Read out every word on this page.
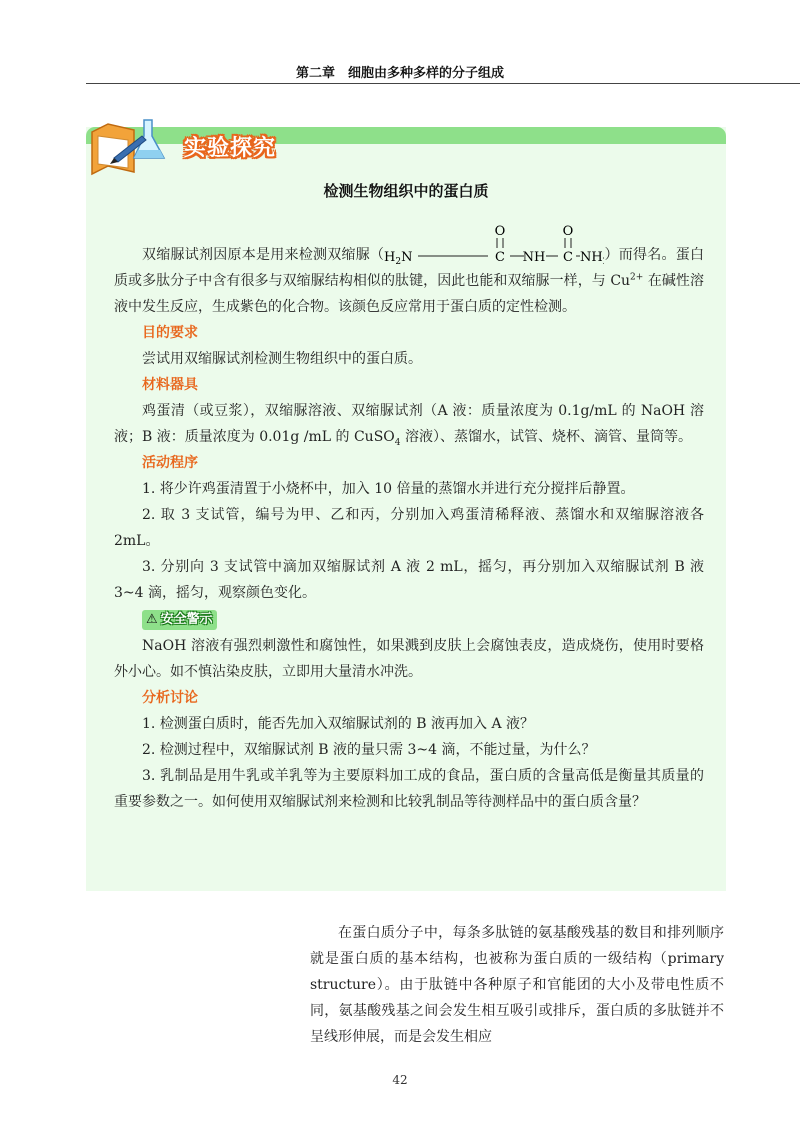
第二章　细胞由多种多样的分子组成
实验探究
检测生物组织中的蛋白质

双缩脲试剂因原本是用来检测双缩脲（
O	O
$H_2N$	C NH C NH ）而得名。蛋白质或多肽分子中含有很多与双缩脲结构相似的肽键，因此也能和双缩脲一样，与 $Cu^{2+}$ 在碱性溶液中发生反应，生成紫色的化合物。该颜色反应常用于蛋白质的定性检测。

目的要求

尝试用双缩脲试剂检测生物组织中的蛋白质。

材料器具

鸡蛋清（或豆浆），双缩脲溶液、双缩脲试剂（A 液：质量浓度为 0.1g/mL 的 NaOH 溶液；B 液：质量浓度为 0.01g /mL 的 CuSO$_4$ 溶液）、蒸馏水，试管、烧杯、滴管、量筒等。

活动程序

1. 将少许鸡蛋清置于小烧杯中，加入 10 倍量的蒸馏水并进行充分搅拌后静置。

2. 取 3 支试管，编号为甲、乙和丙，分别加入鸡蛋清稀释液、蒸馏水和双缩脲溶液各 2mL。

3. 分别向 3 支试管中滴加双缩脲试剂 A 液 2 mL，摇匀，再分别加入双缩脲试剂 B 液 3~4 滴，摇匀，观察颜色变化。

⚠ 安全警示

NaOH 溶液有强烈刺激性和腐蚀性，如果溅到皮肤上会腐蚀表皮，造成烧伤，使用时要格外小心。如不慎沾染皮肤，立即用大量清水冲洗。

分析讨论

1. 检测蛋白质时，能否先加入双缩脲试剂的 B 液再加入 A 液？

2. 检测过程中，双缩脲试剂 B 液的量只需 3~4 滴，不能过量，为什么？

3. 乳制品是用牛乳或羊乳等为主要原料加工成的食品，蛋白质的含量高低是衡量其质量的重要参数之一。如何使用双缩脲试剂来检测和比较乳制品等待测样品中的蛋白质含量？

在蛋白质分子中，每条多肽链的氨基酸残基的数目和排列顺序就是蛋白质的基本结构，也被称为蛋白质的一级结构（primary structure）。由于肽链中各种原子和官能团的大小及带电性质不同，氨基酸残基之间会发生相互吸引或排斥，蛋白质的多肽链并不呈线形伸展，而是会发生相应

42
